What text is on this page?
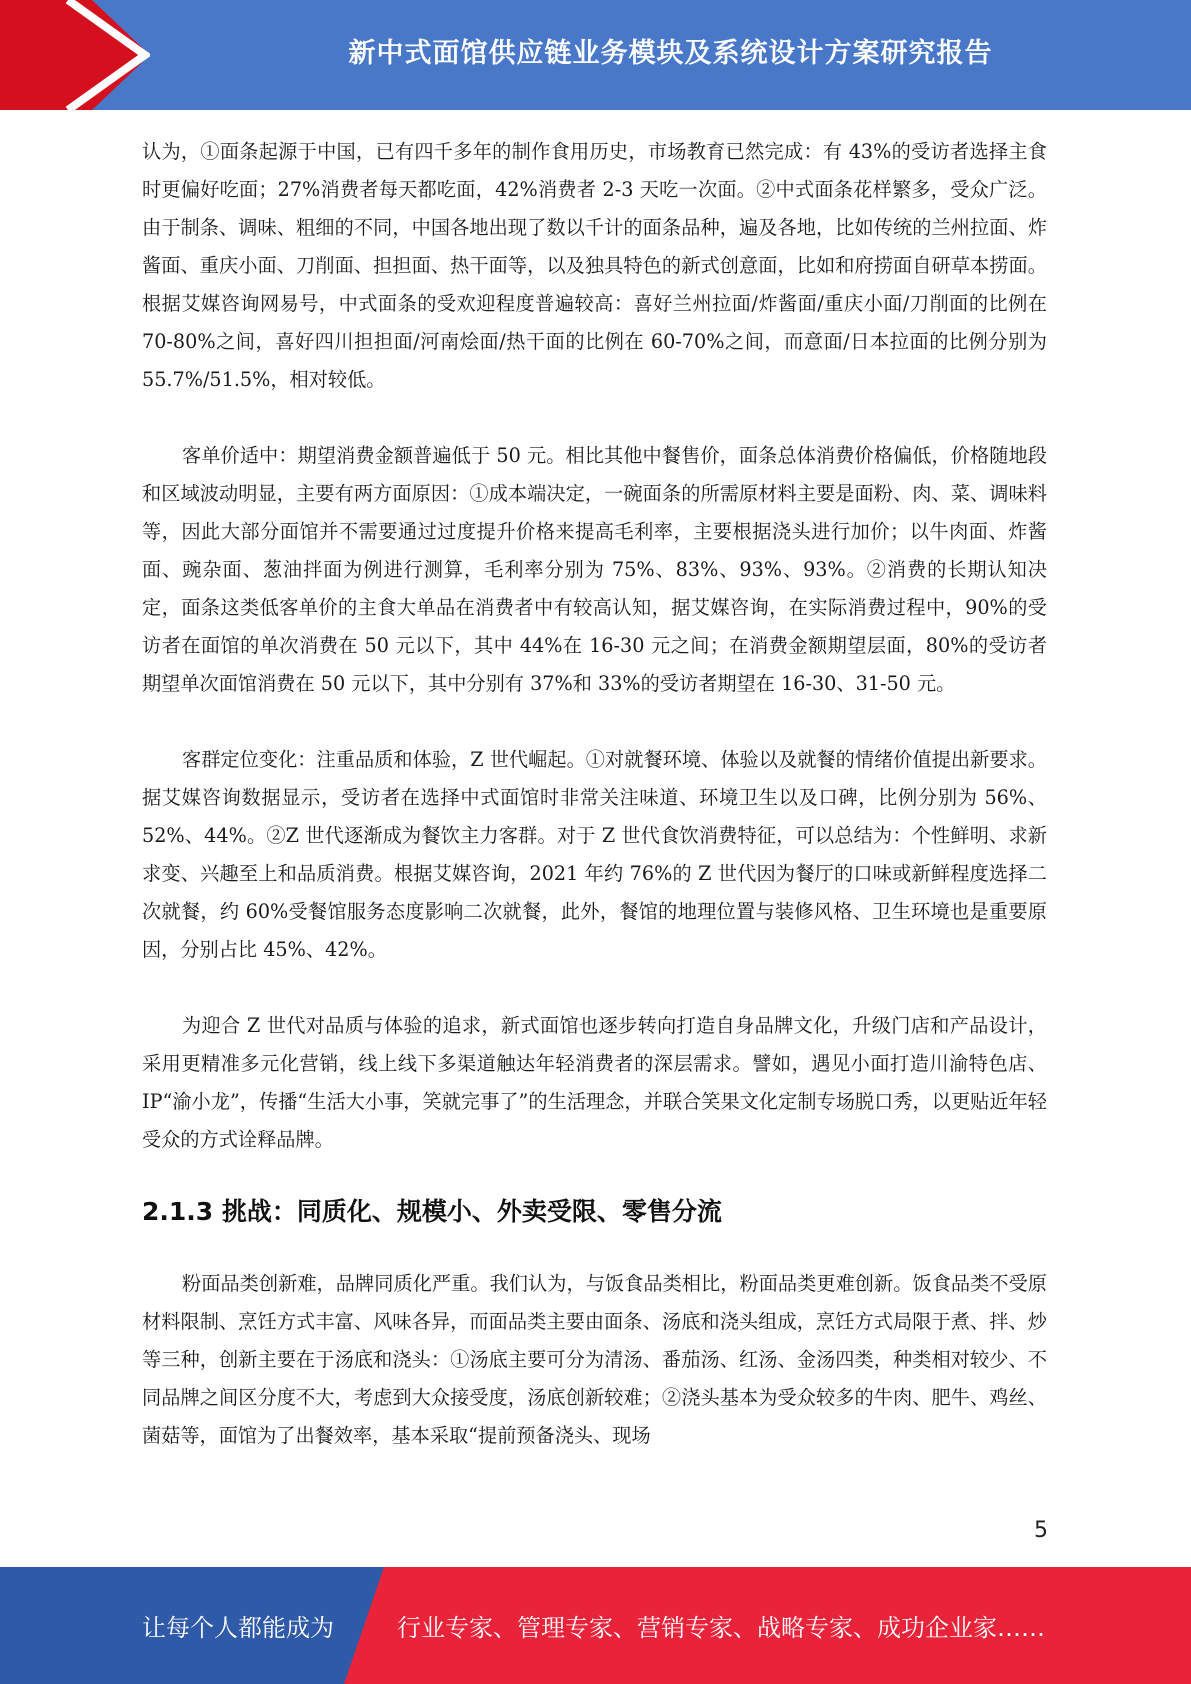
新中式面馆供应链业务模块及系统设计方案研究报告

认为，①面条起源于中国，已有四千多年的制作食用历史，市场教育已然完成：有 43%的受访者选择主食时更偏好吃面；27%消费者每天都吃面，42%消费者 2-3 天吃一次面。②中式面条花样繁多，受众广泛。由于制条、调味、粗细的不同，中国各地出现了数以千计的面条品种，遍及各地，比如传统的兰州拉面、炸酱面、重庆小面、刀削面、担担面、热干面等，以及独具特色的新式创意面，比如和府捞面自研草本捞面。根据艾媒咨询网易号，中式面条的受欢迎程度普遍较高：喜好兰州拉面/炸酱面/重庆小面/刀削面的比例在 70-80%之间，喜好四川担担面/河南烩面/热干面的比例在 60-70%之间，而意面/日本拉面的比例分别为 55.7%/51.5%，相对较低。

客单价适中：期望消费金额普遍低于 50 元。相比其他中餐售价，面条总体消费价格偏低，价格随地段和区域波动明显，主要有两方面原因：①成本端决定，一碗面条的所需原材料主要是面粉、肉、菜、调味料等，因此大部分面馆并不需要通过过度提升价格来提高毛利率，主要根据浇头进行加价；以牛肉面、炸酱面、豌杂面、葱油拌面为例进行测算，毛利率分别为 75%、83%、93%、93%。②消费的长期认知决定，面条这类低客单价的主食大单品在消费者中有较高认知，据艾媒咨询，在实际消费过程中，90%的受访者在面馆的单次消费在 50 元以下，其中 44%在 16-30 元之间；在消费金额期望层面，80%的受访者期望单次面馆消费在 50 元以下，其中分别有 37%和 33%的受访者期望在 16-30、31-50 元。

客群定位变化：注重品质和体验，Z 世代崛起。①对就餐环境、体验以及就餐的情绪价值提出新要求。据艾媒咨询数据显示，受访者在选择中式面馆时非常关注味道、环境卫生以及口碑，比例分别为 56%、52%、44%。②Z 世代逐渐成为餐饮主力客群。对于 Z 世代食饮消费特征，可以总结为：个性鲜明、求新求变、兴趣至上和品质消费。根据艾媒咨询，2021 年约 76%的 Z 世代因为餐厅的口味或新鲜程度选择二次就餐，约 60%受餐馆服务态度影响二次就餐，此外，餐馆的地理位置与装修风格、卫生环境也是重要原因，分别占比 45%、42%。

为迎合 Z 世代对品质与体验的追求，新式面馆也逐步转向打造自身品牌文化，升级门店和产品设计，采用更精准多元化营销，线上线下多渠道触达年轻消费者的深层需求。譬如，遇见小面打造川渝特色店、IP“渝小龙”，传播“生活大小事，笑就完事了”的生活理念，并联合笑果文化定制专场脱口秀，以更贴近年轻受众的方式诠释品牌。

2.1.3 挑战：同质化、规模小、外卖受限、零售分流

粉面品类创新难，品牌同质化严重。我们认为，与饭食品类相比，粉面品类更难创新。饭食品类不受原材料限制、烹饪方式丰富、风味各异，而面品类主要由面条、汤底和浇头组成，烹饪方式局限于煮、拌、炒等三种，创新主要在于汤底和浇头：①汤底主要可分为清汤、番茄汤、红汤、金汤四类，种类相对较少、不同品牌之间区分度不大，考虑到大众接受度，汤底创新较难；②浇头基本为受众较多的牛肉、肥牛、鸡丝、菌菇等，面馆为了出餐效率，基本采取“提前预备浇头、现场

5
让每个人都能成为	行业专家、管理专家、营销专家、战略专家、成功企业家……
